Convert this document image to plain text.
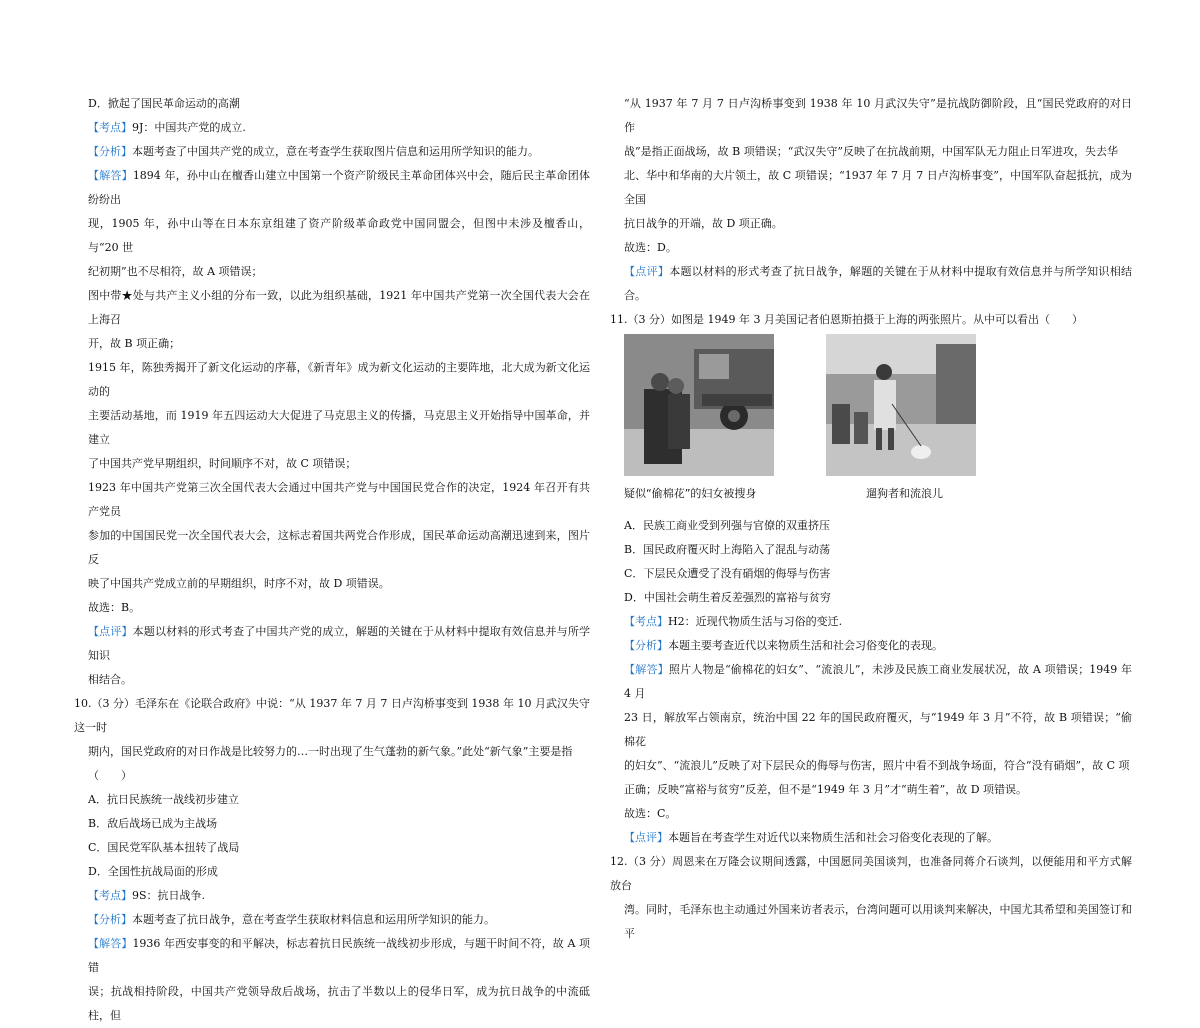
D．掀起了国民革命运动的高潮

【考点】9J：中国共产党的成立.

【分析】本题考查了中国共产党的成立，意在考查学生获取图片信息和运用所学知识的能力。

【解答】1894 年，孙中山在檀香山建立中国第一个资产阶级民主革命团体兴中会，随后民主革命团体纷纷出

现，1905 年，孙中山等在日本东京组建了资产阶级革命政党中国同盟会，但图中未涉及檀香山，与“20 世

纪初期”也不尽相符，故 A 项错误；

图中带★处与共产主义小组的分布一致，以此为组织基础，1921 年中国共产党第一次全国代表大会在上海召

开，故 B 项正确；

1915 年，陈独秀揭开了新文化运动的序幕，《新青年》成为新文化运动的主要阵地，北大成为新文化运动的

主要活动基地，而 1919 年五四运动大大促进了马克思主义的传播，马克思主义开始指导中国革命，并建立

了中国共产党早期组织，时间顺序不对，故 C 项错误；

1923 年中国共产党第三次全国代表大会通过中国共产党与中国国民党合作的决定，1924 年召开有共产党员

参加的中国国民党一次全国代表大会，这标志着国共两党合作形成，国民革命运动高潮迅速到来，图片反

映了中国共产党成立前的早期组织，时序不对，故 D 项错误。

故选：B。

【点评】本题以材料的形式考查了中国共产党的成立，解题的关键在于从材料中提取有效信息并与所学知识

相结合。

10.（3 分）毛泽东在《论联合政府》中说：“从 1937 年 7 月 7 日卢沟桥事变到 1938 年 10 月武汉失守这一时

期内，国民党政府的对日作战是比较努力的…一时出现了生气蓬勃的新气象。”此处“新气象”主要是指

（　　）

A．抗日民族统一战线初步建立

B．敌后战场已成为主战场

C．国民党军队基本扭转了战局

D．全国性抗战局面的形成

【考点】9S：抗日战争.

【分析】本题考查了抗日战争，意在考查学生获取材料信息和运用所学知识的能力。

【解答】1936 年西安事变的和平解决，标志着抗日民族统一战线初步形成，与题干时间不符，故 A 项错

误；抗战相持阶段，中国共产党领导敌后战场，抗击了半数以上的侵华日军，成为抗日战争的中流砥柱，但

“从 1937 年 7 月 7 日卢沟桥事变到 1938 年 10 月武汉失守”是抗战防御阶段，且“国民党政府的对日作

战”是指正面战场，故 B 项错误；“武汉失守”反映了在抗战前期，中国军队无力阻止日军进攻，失去华

北、华中和华南的大片领土，故 C 项错误；“1937 年 7 月 7 日卢沟桥事变”，中国军队奋起抵抗，成为全国

抗日战争的开端，故 D 项正确。

故选：D。

【点评】本题以材料的形式考查了抗日战争，解题的关键在于从材料中提取有效信息并与所学知识相结合。

11.（3 分）如图是 1949 年 3 月美国记者伯恩斯拍摄于上海的两张照片。从中可以看出（　　）

疑似“偷棉花”的妇女被搜身	遛狗者和流浪儿

A．民族工商业受到列强与官僚的双重挤压

B．国民政府覆灭时上海陷入了混乱与动荡

C．下层民众遭受了没有硝烟的侮辱与伤害

D．中国社会萌生着反差强烈的富裕与贫穷

【考点】H2：近现代物质生活与习俗的变迁.

【分析】本题主要考查近代以来物质生活和社会习俗变化的表现。

【解答】照片人物是“偷棉花的妇女”、“流浪儿”，未涉及民族工商业发展状况，故 A 项错误；1949 年 4 月

23 日，解放军占领南京，统治中国 22 年的国民政府覆灭，与“1949 年 3 月”不符，故 B 项错误；“偷棉花

的妇女”、“流浪儿”反映了对下层民众的侮辱与伤害，照片中看不到战争场面，符合“没有硝烟”，故 C 项

正确；反映“富裕与贫穷”反差，但不是“1949 年 3 月”才“萌生着”，故 D 项错误。

故选：C。

【点评】本题旨在考查学生对近代以来物质生活和社会习俗变化表现的了解。

12.（3 分）周恩来在万隆会议期间透露，中国愿同美国谈判，也准备同蒋介石谈判，以便能用和平方式解放台

湾。同时，毛泽东也主动通过外国来访者表示，台湾问题可以用谈判来解决，中国尤其希望和美国签订和平
